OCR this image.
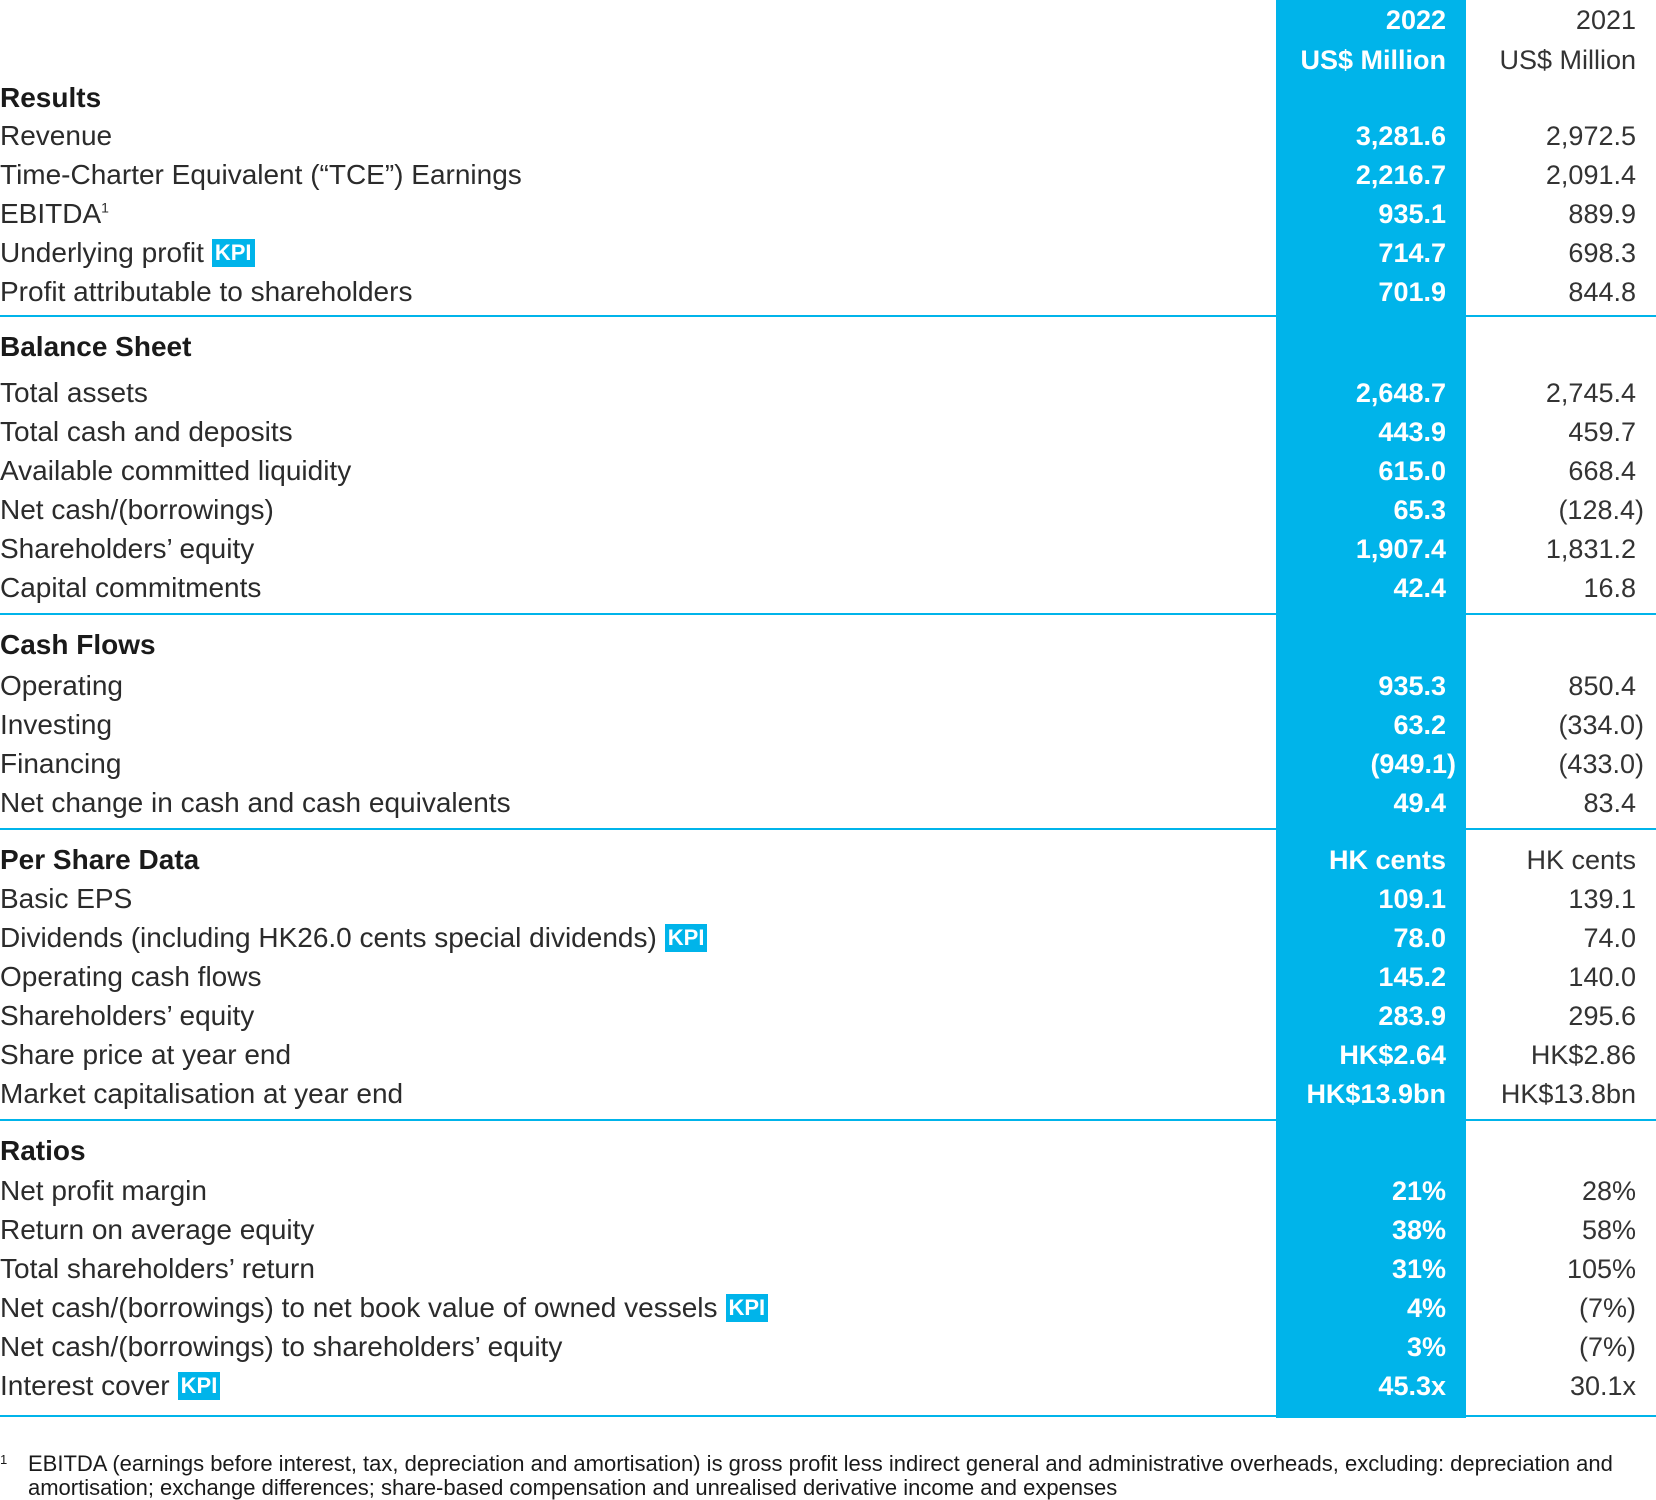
2022	2021
US$ Million	US$ Million
Results
Revenue	3,281.6	2,972.5
Time-Charter Equivalent (“TCE”) Earnings	2,216.7	2,091.4
EBITDA$^1$	935.1	889.9
Underlying profit KPI	714.7	698.3
Profit attributable to shareholders	701.9	844.8
Balance Sheet
Total assets	2,648.7	2,745.4
Total cash and deposits	443.9	459.7
Available committed liquidity	615.0	668.4
Net cash/(borrowings)	65.3	(128.4)
Shareholders’ equity	1,907.4	1,831.2
Capital commitments	42.4	16.8
Cash Flows
Operating	935.3	850.4
Investing	63.2	(334.0)
Financing	(949.1)	(433.0)
Net change in cash and cash equivalents	49.4	83.4
Per Share Data	HK cents	HK cents
Basic EPS	109.1	139.1
Dividends (including HK26.0 cents special dividends) KPI	78.0	74.0
Operating cash flows	145.2	140.0
Shareholders’ equity	283.9	295.6
Share price at year end	HK$2.64	HK$2.86
Market capitalisation at year end	HK$13.9bn	HK$13.8bn
Ratios
Net profit margin	21%	28%
Return on average equity	38%	58%
Total shareholders’ return	31%	105%
Net cash/(borrowings) to net book value of owned vessels KPI	4%	(7%)
Net cash/(borrowings) to shareholders’ equity	3%	(7%)
Interest cover KPI	45.3x	30.1x
1 EBITDA (earnings before interest, tax, depreciation and amortisation) is gross profit less indirect general and administrative overheads, excluding: depreciation and amortisation; exchange differences; share-based compensation and unrealised derivative income and expenses
